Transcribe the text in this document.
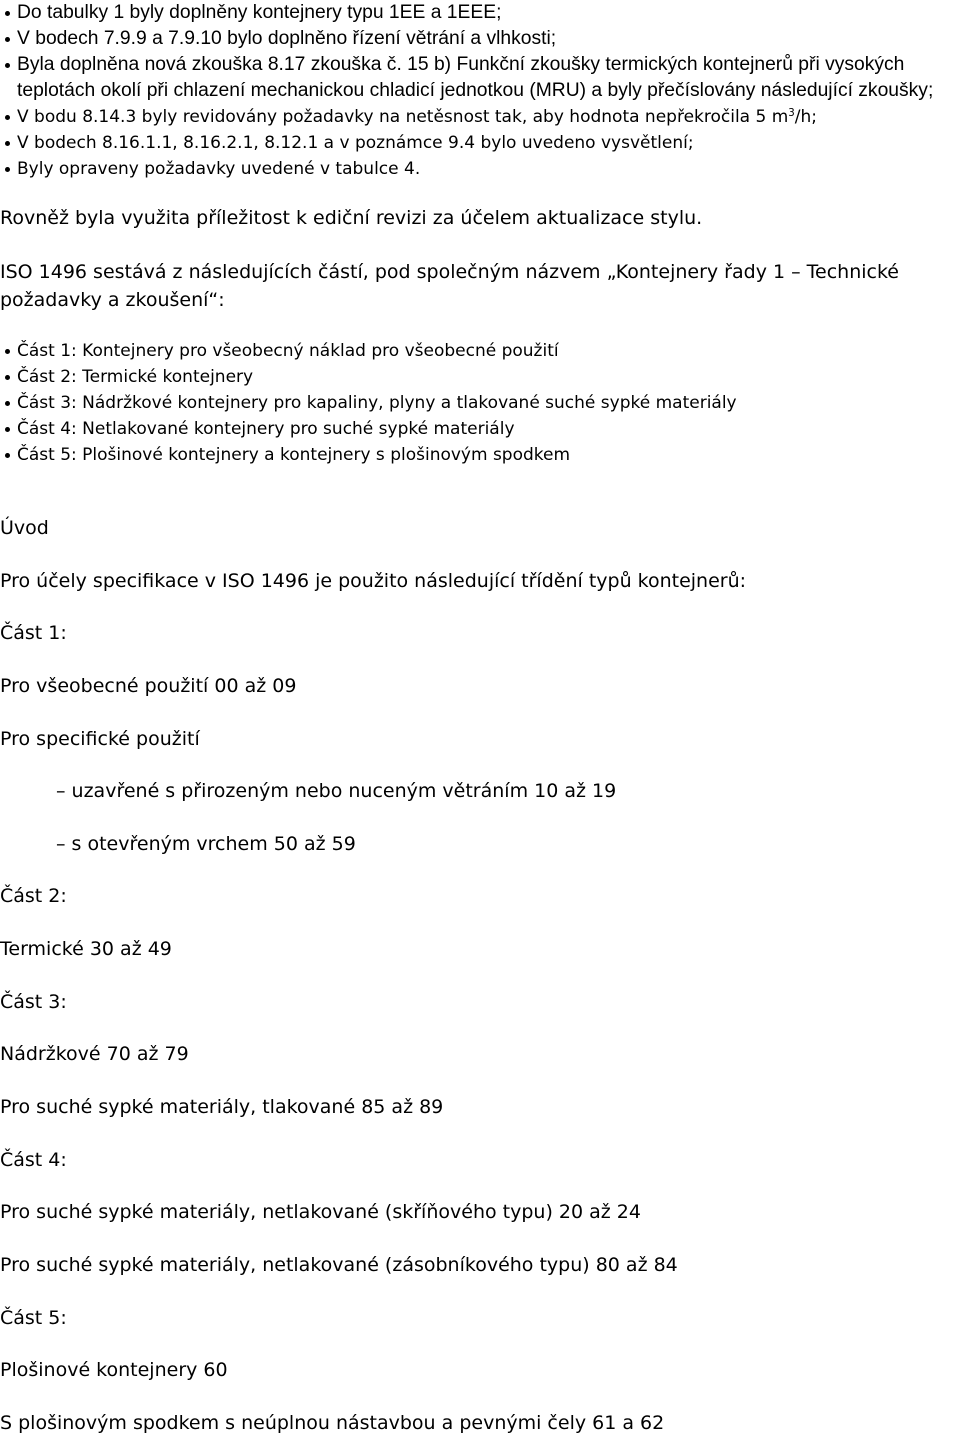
Do tabulky 1 byly doplněny kontejnery typu 1EE a 1EEE;
V bodech 7.9.9 a 7.9.10 bylo doplněno řízení větrání a vlhkosti;
Byla doplněna nová zkouška 8.17 zkouška č. 15 b) Funkční zkoušky termických kontejnerů při vysokých teplotách okolí při chlazení mechanickou chladicí jednotkou (MRU) a byly přečíslovány následující zkoušky;
V bodu 8.14.3 byly revidovány požadavky na netěsnost tak, aby hodnota nepřekročila 5 $m^3/h$;
V bodech 8.16.1.1, 8.16.2.1, 8.12.1 a v poznámce 9.4 bylo uvedeno vysvětlení;
Byly opraveny požadavky uvedené v tabulce 4.

Rovněž byla využita příležitost k ediční revizi za účelem aktualizace stylu.

ISO 1496 sestává z následujících částí, pod společným názvem „Kontejnery řady 1 – Technické požadavky a zkoušení“:

Část 1: Kontejnery pro všeobecný náklad pro všeobecné použití
Část 2: Termické kontejnery
Část 3: Nádržkové kontejnery pro kapaliny, plyny a tlakované suché sypké materiály
Část 4: Netlakované kontejnery pro suché sypké materiály
Část 5: Plošinové kontejnery a kontejnery s plošinovým spodkem

Úvod

Pro účely specifikace v ISO 1496 je použito následující třídění typů kontejnerů:

Část 1:

Pro všeobecné použití 00 až 09

Pro specifické použití

– uzavřené s přirozeným nebo nuceným větráním 10 až 19

– s otevřeným vrchem 50 až 59

Část 2:

Termické 30 až 49

Část 3:

Nádržkové 70 až 79

Pro suché sypké materiály, tlakované 85 až 89

Část 4:

Pro suché sypké materiály, netlakované (skříňového typu) 20 až 24

Pro suché sypké materiály, netlakované (zásobníkového typu) 80 až 84

Část 5:

Plošinové kontejnery 60

S plošinovým spodkem s neúplnou nástavbou a pevnými čely 61 a 62
